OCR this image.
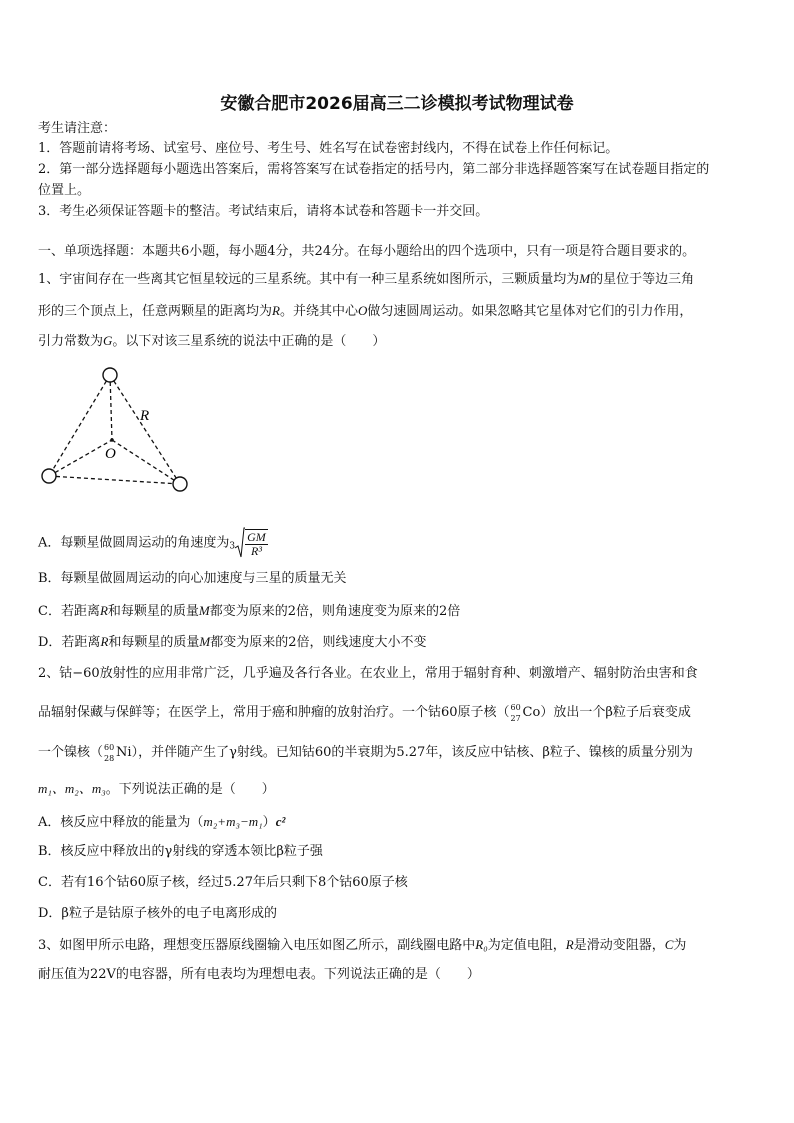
安徽合肥市2026届高三二诊模拟考试物理试卷
考生请注意：
1．答题前请将考场、试室号、座位号、考生号、姓名写在试卷密封线内，不得在试卷上作任何标记。
2．第一部分选择题每小题选出答案后，需将答案写在试卷指定的括号内，第二部分非选择题答案写在试卷题目指定的
位置上。
3．考生必须保证答题卡的整洁。考试结束后，请将本试卷和答题卡一并交回。
一、单项选择题：本题共6小题，每小题4分，共24分。在每小题给出的四个选项中，只有一项是符合题目要求的。
1、宇宙间存在一些离其它恒星较远的三星系统。其中有一种三星系统如图所示，三颗质量均为M的星位于等边三角
形的三个顶点上，任意两颗星的距离均为R。并绕其中心O做匀速圆周运动。如果忽略其它星体对它们的引力作用，
引力常数为G。以下对该三星系统的说法中正确的是（　　）
R
O
A．每颗星做圆周运动的角速度为$3 \frac{GM}{\text{R³}}$
B．每颗星做圆周运动的向心加速度与三星的质量无关
C．若距离R和每颗星的质量M都变为原来的2倍，则角速度变为原来的2倍
D．若距离R和每颗星的质量M都变为原来的2倍，则线速度大小不变
2、钴−60放射性的应用非常广泛，几乎遍及各行各业。在农业上，常用于辐射育种、刺激增产、辐射防治虫害和食
品辐射保藏与保鲜等；在医学上，常用于癌和肿瘤的放射治疗。一个钴60原子核（ 60
27 Co）放出一个β粒子后衰变成
一个镍核（ 60
28 Ni），并伴随产生了γ射线。已知钴60的半衰期为5.27年，该反应中钴核、β粒子、镍核的质量分别为
m₁、m₂、m₃。下列说法正确的是（　　）
A．核反应中释放的能量为（m₂+m₃−m₁）c²
B．核反应中释放出的γ射线的穿透本领比β粒子强
C．若有16个钴60原子核，经过5.27年后只剩下8个钴60原子核
D．β粒子是钴原子核外的电子电离形成的
3、如图甲所示电路，理想变压器原线圈输入电压如图乙所示，副线圈电路中R₀为定值电阻，R是滑动变阻器，C为
耐压值为22V的电容器，所有电表均为理想电表。下列说法正确的是（　　）
